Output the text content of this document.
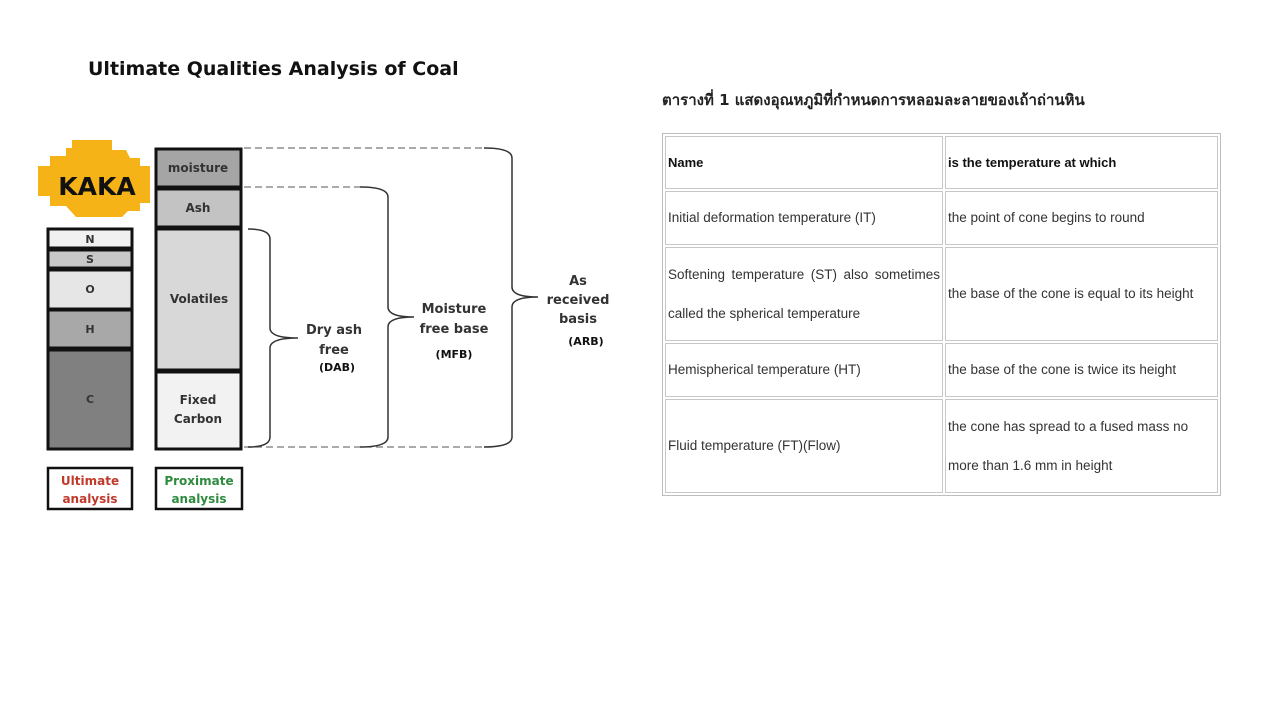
Ultimate Qualities Analysis of Coal
KAKA
N
S
O
H
C
moisture
Ash
Volatiles
Fixed Carbon
Ultimate analysis
Proximate analysis
Dry ash free
(DAB)
Moisture free base
(MFB)
As received basis
(ARB)
ตารางที่ 1 แสดงอุณหภูมิที่กำหนดการหลอมละลายของเถ้าถ่านหิน
Name	is the temperature at which
Initial deformation temperature (IT)	the point of cone begins to round
Softening temperature (ST) also sometimes called the spherical temperature	the base of the cone is equal to its height
Hemispherical temperature (HT)	the base of the cone is twice its height
Fluid temperature (FT)(Flow)	the cone has spread to a fused mass no more than 1.6 mm in height
